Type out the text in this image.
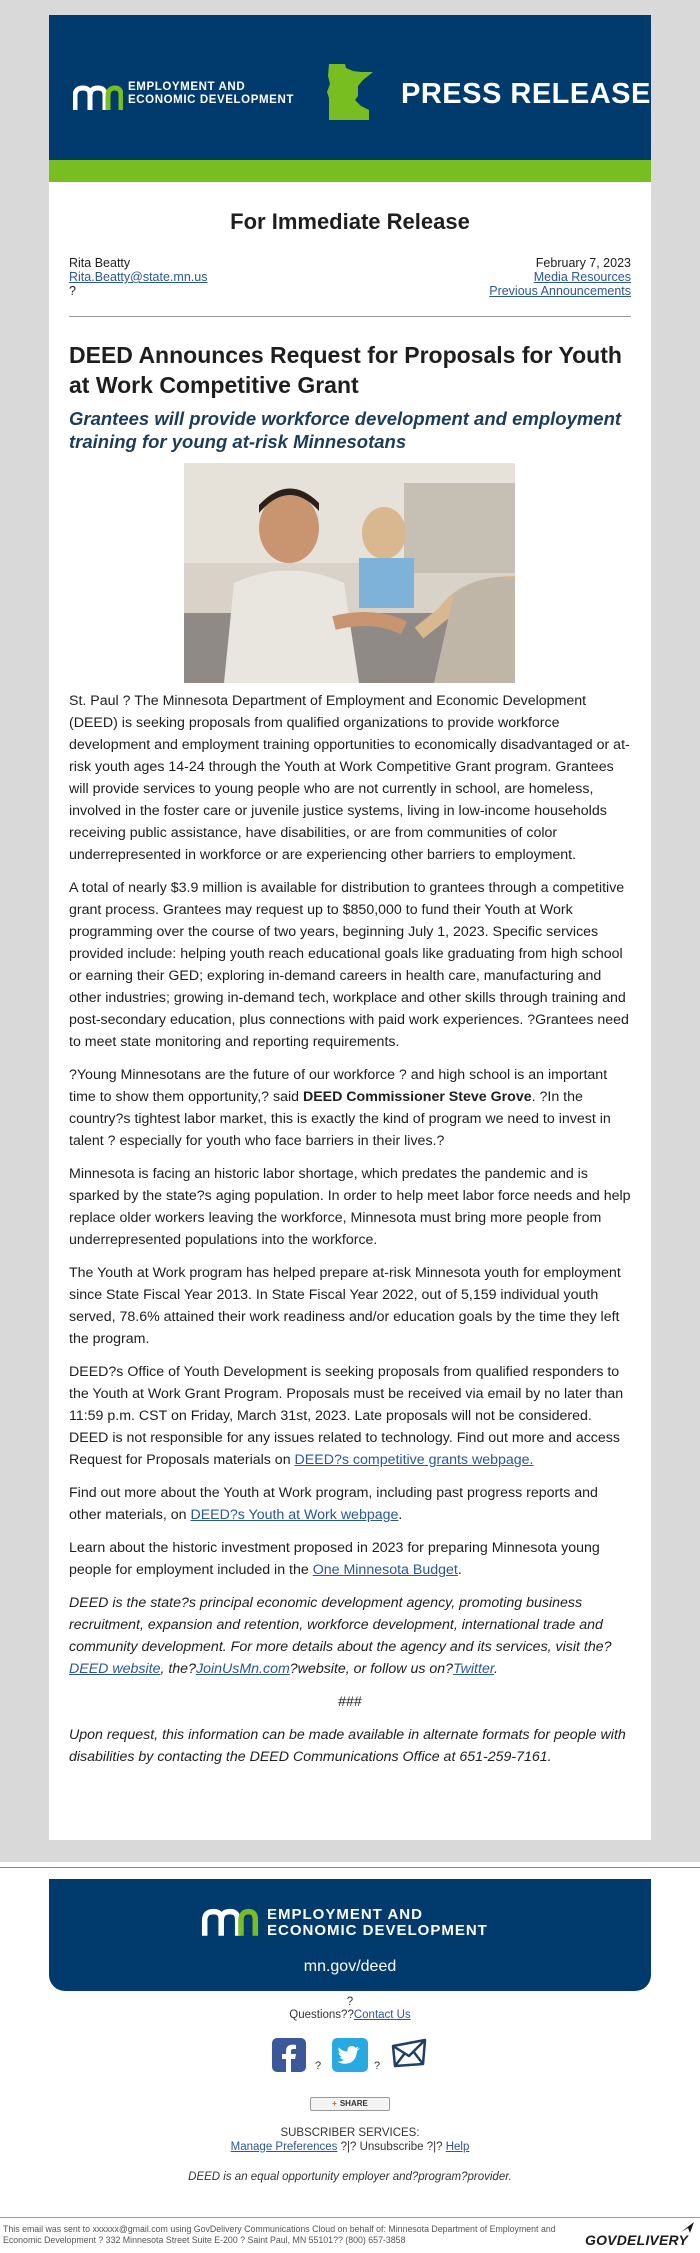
EMPLOYMENT AND
ECONOMIC DEVELOPMENT	PRESS RELEASE
For Immediate Release
Rita Beatty
Rita.Beatty@state.mn.us
?
February 7, 2023
Media Resources
Previous Announcements
DEED Announces Request for Proposals for Youth at Work Competitive Grant
Grantees will provide workforce development and employment training for young at-risk Minnesotans

St. Paul ? The Minnesota Department of Employment and Economic Development (DEED) is seeking proposals from qualified organizations to provide workforce development and employment training opportunities to economically disadvantaged or at-risk youth ages 14-24 through the Youth at Work Competitive Grant program. Grantees will provide services to young people who are not currently in school, are homeless, involved in the foster care or juvenile justice systems, living in low-income households receiving public assistance, have disabilities, or are from communities of color underrepresented in workforce or are experiencing other barriers to employment.

A total of nearly $3.9 million is available for distribution to grantees through a competitive grant process. Grantees may request up to $850,000 to fund their Youth at Work programming over the course of two years, beginning July 1, 2023. Specific services provided include: helping youth reach educational goals like graduating from high school or earning their GED; exploring in-demand careers in health care, manufacturing and other industries; growing in-demand tech, workplace and other skills through training and post-secondary education, plus connections with paid work experiences. ?Grantees need to meet state monitoring and reporting requirements.

?Young Minnesotans are the future of our workforce ? and high school is an important time to show them opportunity,? said DEED Commissioner Steve Grove. ?In the country?s tightest labor market, this is exactly the kind of program we need to invest in talent ? especially for youth who face barriers in their lives.?

Minnesota is facing an historic labor shortage, which predates the pandemic and is sparked by the state?s aging population. In order to help meet labor force needs and help replace older workers leaving the workforce, Minnesota must bring more people from underrepresented populations into the workforce.

The Youth at Work program has helped prepare at-risk Minnesota youth for employment since State Fiscal Year 2013. In State Fiscal Year 2022, out of 5,159 individual youth served, 78.6% attained their work readiness and/or education goals by the time they left the program.

DEED?s Office of Youth Development is seeking proposals from qualified responders to the Youth at Work Grant Program. Proposals must be received via email by no later than 11:59 p.m. CST on Friday, March 31st, 2023. Late proposals will not be considered. DEED is not responsible for any issues related to technology. Find out more and access Request for Proposals materials on DEED?s competitive grants webpage.

Find out more about the Youth at Work program, including past progress reports and other materials, on DEED?s Youth at Work webpage.

Learn about the historic investment proposed in 2023 for preparing Minnesota young people for employment included in the One Minnesota Budget.

DEED is the state?s principal economic development agency, promoting business recruitment, expansion and retention, workforce development, international trade and community development. For more details about the agency and its services, visit the?DEED website, the?JoinUsMn.com?website, or follow us on?Twitter.

###

Upon request, this information can be made available in alternate formats for people with disabilities by contacting the DEED Communications Office at 651-259-7161.

EMPLOYMENT AND
ECONOMIC DEVELOPMENT
mn.gov/deed
?
Questions??Contact Us
?	?
+ SHARE
SUBSCRIBER SERVICES:
Manage Preferences ?|? Unsubscribe ?|? Help
DEED is an equal opportunity employer and?program?provider.
This email was sent to xxxxxx@gmail.com using GovDelivery Communications Cloud on behalf of: Minnesota Department of Employment and Economic Development ? 332 Minnesota Street Suite E-200 ? Saint Paul, MN 55101?? (800) 657-3858	GOVDELIVERY
